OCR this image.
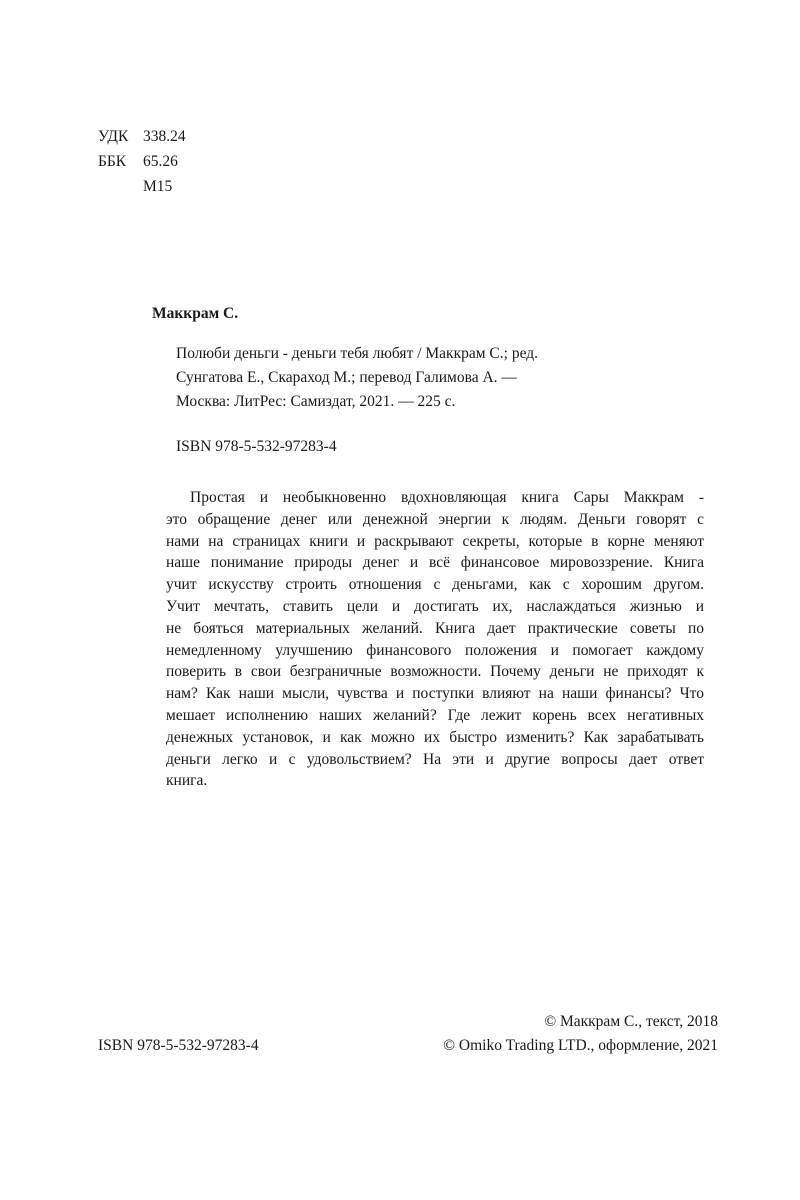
УДК 338.24
ББК	65.26
М15
Маккрам С.
Полюби деньги - деньги тебя любят / Маккрам С.; ред.
Сунгатова Е., Скараход М.; перевод Галимова А. —
Москва: ЛитРес: Самиздат, 2021. — 225 с.
ISBN 978-5-532-97283-4
Простая и необыкновенно вдохновляющая книга Сары Маккрам -
это обращение денег или денежной энергии к людям. Деньги говорят с
нами на страницах книги и раскрывают секреты, которые в корне меняют
наше понимание природы денег и всё финансовое мировоззрение. Книга
учит искусству строить отношения с деньгами, как с хорошим другом.
Учит мечтать, ставить цели и достигать их, наслаждаться жизнью и
не бояться материальных желаний. Книга дает практические советы по
немедленному улучшению финансового положения и помогает каждому
поверить в свои безграничные возможности. Почему деньги не приходят к
нам? Как наши мысли, чувства и поступки влияют на наши финансы? Что
мешает исполнению наших желаний? Где лежит корень всех негативных
денежных установок, и как можно их быстро изменить? Как зарабатывать
деньги легко и с удовольствием? На эти и другие вопросы дает ответ
книга.
© Маккрам С., текст, 2018
© Omiko Trading LTD., оформление, 2021
ISBN 978-5-532-97283-4
